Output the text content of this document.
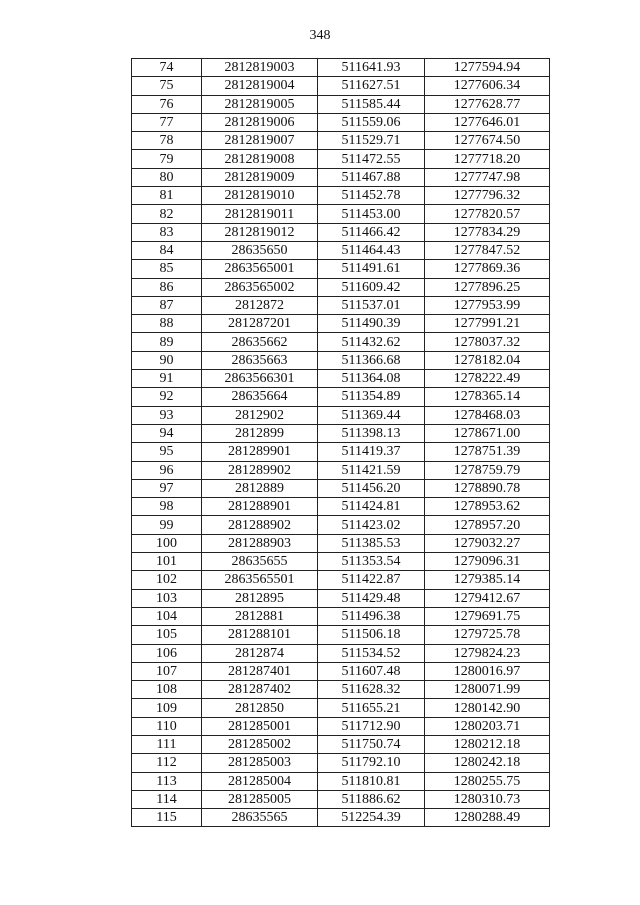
348
74	2812819003	511641.93	1277594.94
75	2812819004	511627.51	1277606.34
76	2812819005	511585.44	1277628.77
77	2812819006	511559.06	1277646.01
78	2812819007	511529.71	1277674.50
79	2812819008	511472.55	1277718.20
80	2812819009	511467.88	1277747.98
81	2812819010	511452.78	1277796.32
82	2812819011	511453.00	1277820.57
83	2812819012	511466.42	1277834.29
84	28635650	511464.43	1277847.52
85	2863565001	511491.61	1277869.36
86	2863565002	511609.42	1277896.25
87	2812872	511537.01	1277953.99
88	281287201	511490.39	1277991.21
89	28635662	511432.62	1278037.32
90	28635663	511366.68	1278182.04
91	2863566301	511364.08	1278222.49
92	28635664	511354.89	1278365.14
93	2812902	511369.44	1278468.03
94	2812899	511398.13	1278671.00
95	281289901	511419.37	1278751.39
96	281289902	511421.59	1278759.79
97	2812889	511456.20	1278890.78
98	281288901	511424.81	1278953.62
99	281288902	511423.02	1278957.20
100	281288903	511385.53	1279032.27
101	28635655	511353.54	1279096.31
102	2863565501	511422.87	1279385.14
103	2812895	511429.48	1279412.67
104	2812881	511496.38	1279691.75
105	281288101	511506.18	1279725.78
106	2812874	511534.52	1279824.23
107	281287401	511607.48	1280016.97
108	281287402	511628.32	1280071.99
109	2812850	511655.21	1280142.90
110	281285001	511712.90	1280203.71
111	281285002	511750.74	1280212.18
112	281285003	511792.10	1280242.18
113	281285004	511810.81	1280255.75
114	281285005	511886.62	1280310.73
115	28635565	512254.39	1280288.49
